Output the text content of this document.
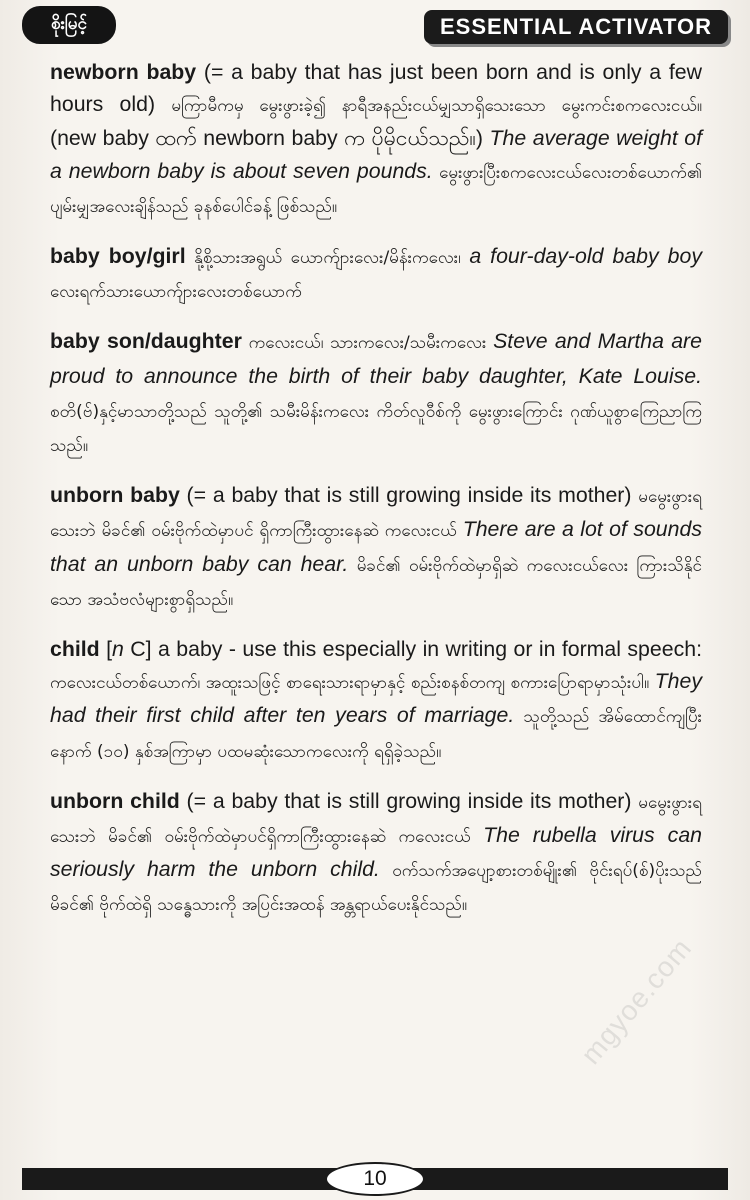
စိုးမြင့်	ESSENTIAL ACTIVATOR
newborn baby (= a baby that has just been born and is only a few hours old) မကြာမီကမှ မွေးဖွားခဲ့၍ နာရီအနည်းငယ်မျှသာရှိသေးသော မွေးကင်းစကလေးငယ်။ (new baby ထက် newborn baby က ပိုမိုငယ်သည်။) The average weight of a newborn baby is about seven pounds. မွေးဖွားပြီးစကလေးငယ်လေးတစ်ယောက်၏ ပျမ်းမျှအလေးချိန်သည် ခုနစ်ပေါင်ခန့် ဖြစ်သည်။
baby boy/girl နို့စို့သားအရွယ် ယောက်ျားလေး/မိန်းကလေး၊ a four-day-old baby boy လေးရက်သားယောက်ျားလေးတစ်ယောက်
baby son/daughter ကလေးငယ်၊ သားကလေး/သမီးကလေး Steve and Martha are proud to announce the birth of their baby daughter, Kate Louise. စတိ(ဗ်)နှင့်မာသာတို့သည် သူတို့၏ သမီးမိန်းကလေး ကိတ်လူဝီစ်ကို မွေးဖွားကြောင်း ဂုဏ်ယူစွာကြေညာကြသည်။
unborn baby (= a baby that is still growing inside its mother) မမွေးဖွားရသေးဘဲ မိခင်၏ ဝမ်းဗိုက်ထဲမှာပင် ရှိကာကြီးထွားနေဆဲ ကလေးငယ် There are a lot of sounds that an unborn baby can hear. မိခင်၏ ဝမ်းဗိုက်ထဲမှာရှိဆဲ ကလေးငယ်လေး ကြားသိနိုင်သော အသံဗလံများစွာရှိသည်။
child [n C] a baby - use this especially in writing or in formal speech: ကလေးငယ်တစ်ယောက်၊ အထူးသဖြင့် စာရေးသားရာမှာနှင့် စည်းစနစ်တကျ စကားပြောရာမှာသုံးပါ။ They had their first child after ten years of marriage. သူတို့သည် အိမ်ထောင်ကျပြီးနောက် (၁၀) နှစ်အကြာမှာ ပထမဆုံးသောကလေးကို ရရှိခဲ့သည်။
unborn child (= a baby that is still growing inside its mother) မမွေးဖွားရသေးဘဲ မိခင်၏ ဝမ်းဗိုက်ထဲမှာပင်ရှိကာကြီးထွားနေဆဲ ကလေးငယ် The rubella virus can seriously harm the unborn child. ဝက်သက်အပျော့စားတစ်မျိုး၏ ဗိုင်းရပ်(စ်)ပိုးသည် မိခင်၏ ဗိုက်ထဲရှိ သန္ဓေသားကို အပြင်းအထန် အန္တရာယ်ပေးနိုင်သည်။
10
mgyoe.com
